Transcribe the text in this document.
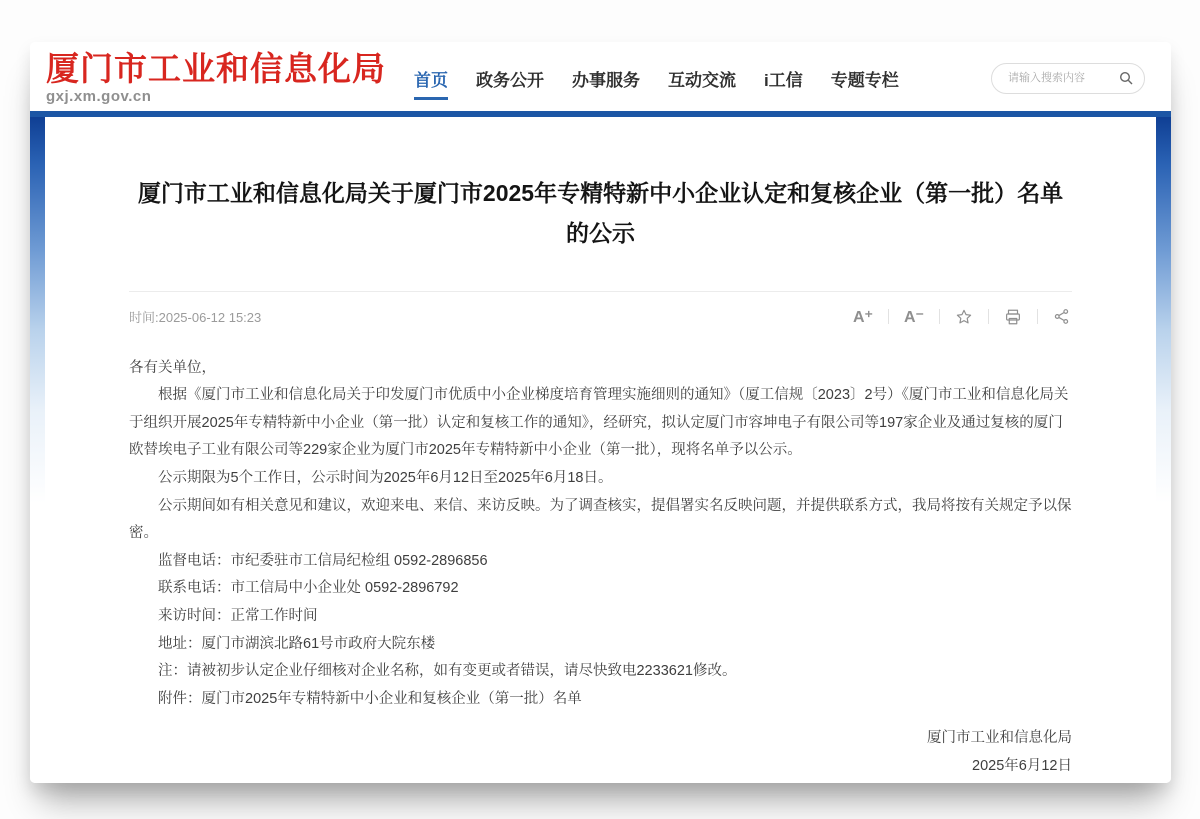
厦门市工业和信息化局
gxj.xm.gov.cn
首页 政务公开 办事服务 互动交流 i工信 专题专栏
请输入搜索内容
厦门市工业和信息化局关于厦门市2025年专精特新中小企业认定和复核企业（第一批）名单的公示
时间:2025-06-12 15:23	A⁺ A⁻

各有关单位，

根据《厦门市工业和信息化局关于印发厦门市优质中小企业梯度培育管理实施细则的通知》（厦工信规〔2023〕2号）《厦门市工业和信息化局关于组织开展2025年专精特新中小企业（第一批）认定和复核工作的通知》，经研究，拟认定厦门市容坤电子有限公司等197家企业及通过复核的厦门欧替埃电子工业有限公司等229家企业为厦门市2025年专精特新中小企业（第一批），现将名单予以公示。

公示期限为5个工作日，公示时间为2025年6月12日至2025年6月18日。

公示期间如有相关意见和建议，欢迎来电、来信、来访反映。为了调查核实，提倡署实名反映问题，并提供联系方式，我局将按有关规定予以保密。

监督电话：市纪委驻市工信局纪检组 0592-2896856

联系电话：市工信局中小企业处 0592-2896792

来访时间：正常工作时间

地址：厦门市湖滨北路61号市政府大院东楼

注：请被初步认定企业仔细核对企业名称，如有变更或者错误，请尽快致电2233621修改。

附件：厦门市2025年专精特新中小企业和复核企业（第一批）名单

厦门市工业和信息化局
2025年6月12日
